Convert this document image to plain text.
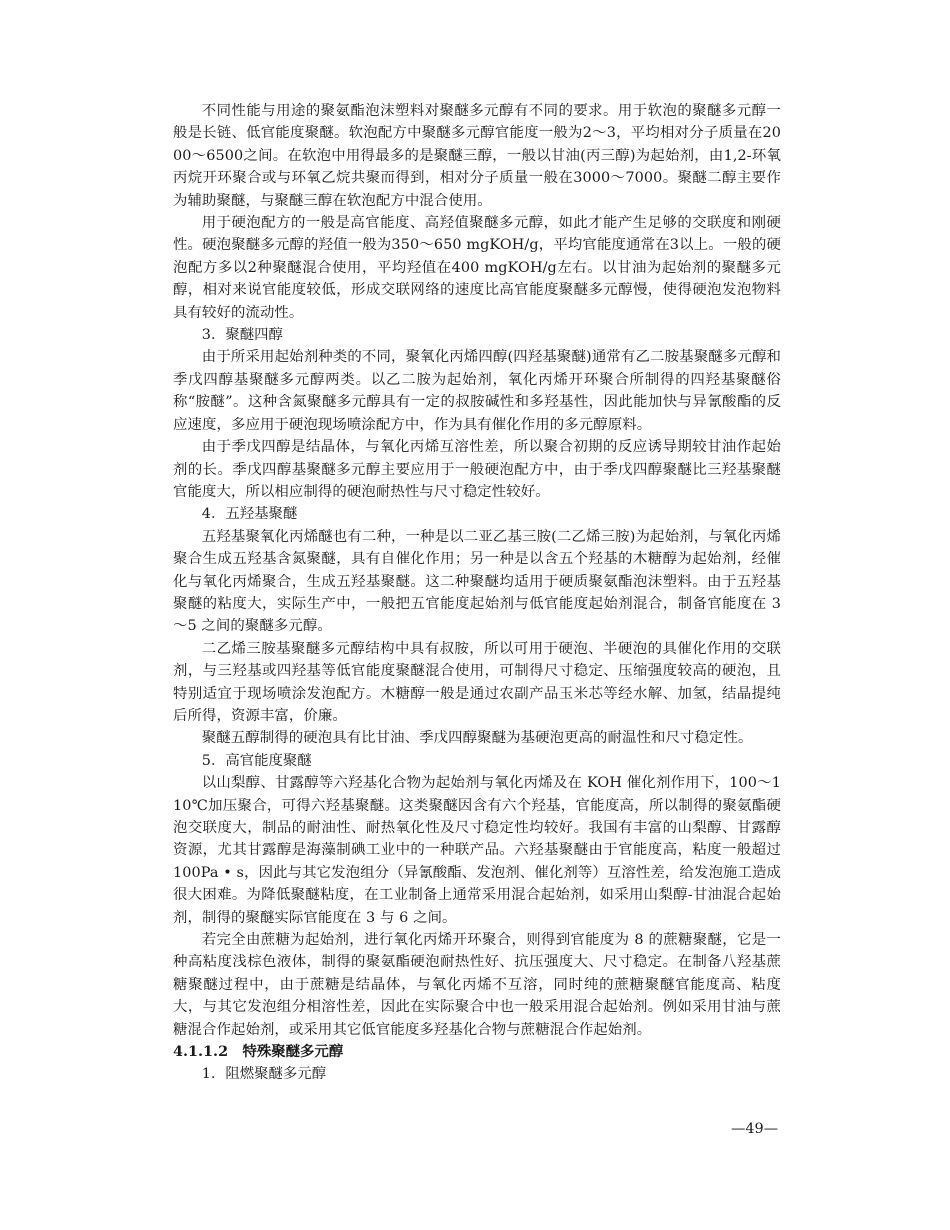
不同性能与用途的聚氨酯泡沫塑料对聚醚多元醇有不同的要求。用于软泡的聚醚多元醇一般是长链、低官能度聚醚。软泡配方中聚醚多元醇官能度一般为2～3，平均相对分子质量在2000～6500之间。在软泡中用得最多的是聚醚三醇，一般以甘油(丙三醇)为起始剂，由1,2-环氧丙烷开环聚合或与环氧乙烷共聚而得到，相对分子质量一般在3000～7000。聚醚二醇主要作为辅助聚醚，与聚醚三醇在软泡配方中混合使用。

用于硬泡配方的一般是高官能度、高羟值聚醚多元醇，如此才能产生足够的交联度和刚硬性。硬泡聚醚多元醇的羟值一般为350～650 mgKOH/g，平均官能度通常在3以上。一般的硬泡配方多以2种聚醚混合使用，平均羟值在400 mgKOH/g左右。以甘油为起始剂的聚醚多元醇，相对来说官能度较低，形成交联网络的速度比高官能度聚醚多元醇慢，使得硬泡发泡物料具有较好的流动性。

3．聚醚四醇

由于所采用起始剂种类的不同，聚氧化丙烯四醇(四羟基聚醚)通常有乙二胺基聚醚多元醇和季戊四醇基聚醚多元醇两类。以乙二胺为起始剂，氧化丙烯开环聚合所制得的四羟基聚醚俗称“胺醚”。这种含氮聚醚多元醇具有一定的叔胺碱性和多羟基性，因此能加快与异氰酸酯的反应速度，多应用于硬泡现场喷涂配方中，作为具有催化作用的多元醇原料。

由于季戊四醇是结晶体，与氧化丙烯互溶性差，所以聚合初期的反应诱导期较甘油作起始剂的长。季戊四醇基聚醚多元醇主要应用于一般硬泡配方中，由于季戊四醇聚醚比三羟基聚醚官能度大，所以相应制得的硬泡耐热性与尺寸稳定性较好。

4．五羟基聚醚

五羟基聚氧化丙烯醚也有二种，一种是以二亚乙基三胺(二乙烯三胺)为起始剂，与氧化丙烯聚合生成五羟基含氮聚醚，具有自催化作用；另一种是以含五个羟基的木糖醇为起始剂，经催化与氧化丙烯聚合，生成五羟基聚醚。这二种聚醚均适用于硬质聚氨酯泡沫塑料。由于五羟基聚醚的粘度大，实际生产中，一般把五官能度起始剂与低官能度起始剂混合，制备官能度在 3～5 之间的聚醚多元醇。

二乙烯三胺基聚醚多元醇结构中具有叔胺，所以可用于硬泡、半硬泡的具催化作用的交联剂，与三羟基或四羟基等低官能度聚醚混合使用，可制得尺寸稳定、压缩强度较高的硬泡，且特别适宜于现场喷涂发泡配方。木糖醇一般是通过农副产品玉米芯等经水解、加氢，结晶提纯后所得，资源丰富，价廉。

聚醚五醇制得的硬泡具有比甘油、季戊四醇聚醚为基硬泡更高的耐温性和尺寸稳定性。

5．高官能度聚醚

以山梨醇、甘露醇等六羟基化合物为起始剂与氧化丙烯及在 KOH 催化剂作用下，100～110℃加压聚合，可得六羟基聚醚。这类聚醚因含有六个羟基，官能度高，所以制得的聚氨酯硬泡交联度大，制品的耐油性、耐热氧化性及尺寸稳定性均较好。我国有丰富的山梨醇、甘露醇资源，尤其甘露醇是海藻制碘工业中的一种联产品。六羟基聚醚由于官能度高，粘度一般超过 100Pa • s，因此与其它发泡组分（异氰酸酯、发泡剂、催化剂等）互溶性差，给发泡施工造成很大困难。为降低聚醚粘度，在工业制备上通常采用混合起始剂，如采用山梨醇-甘油混合起始剂，制得的聚醚实际官能度在 3 与 6 之间。

若完全由蔗糖为起始剂，进行氧化丙烯开环聚合，则得到官能度为 8 的蔗糖聚醚，它是一种高粘度浅棕色液体，制得的聚氨酯硬泡耐热性好、抗压强度大、尺寸稳定。在制备八羟基蔗糖聚醚过程中，由于蔗糖是结晶体，与氧化丙烯不互溶，同时纯的蔗糖聚醚官能度高、粘度大，与其它发泡组分相溶性差，因此在实际聚合中也一般采用混合起始剂。例如采用甘油与蔗糖混合作起始剂，或采用其它低官能度多羟基化合物与蔗糖混合作起始剂。

4.1.1.2　特殊聚醚多元醇

1．阻燃聚醚多元醇

—49—
